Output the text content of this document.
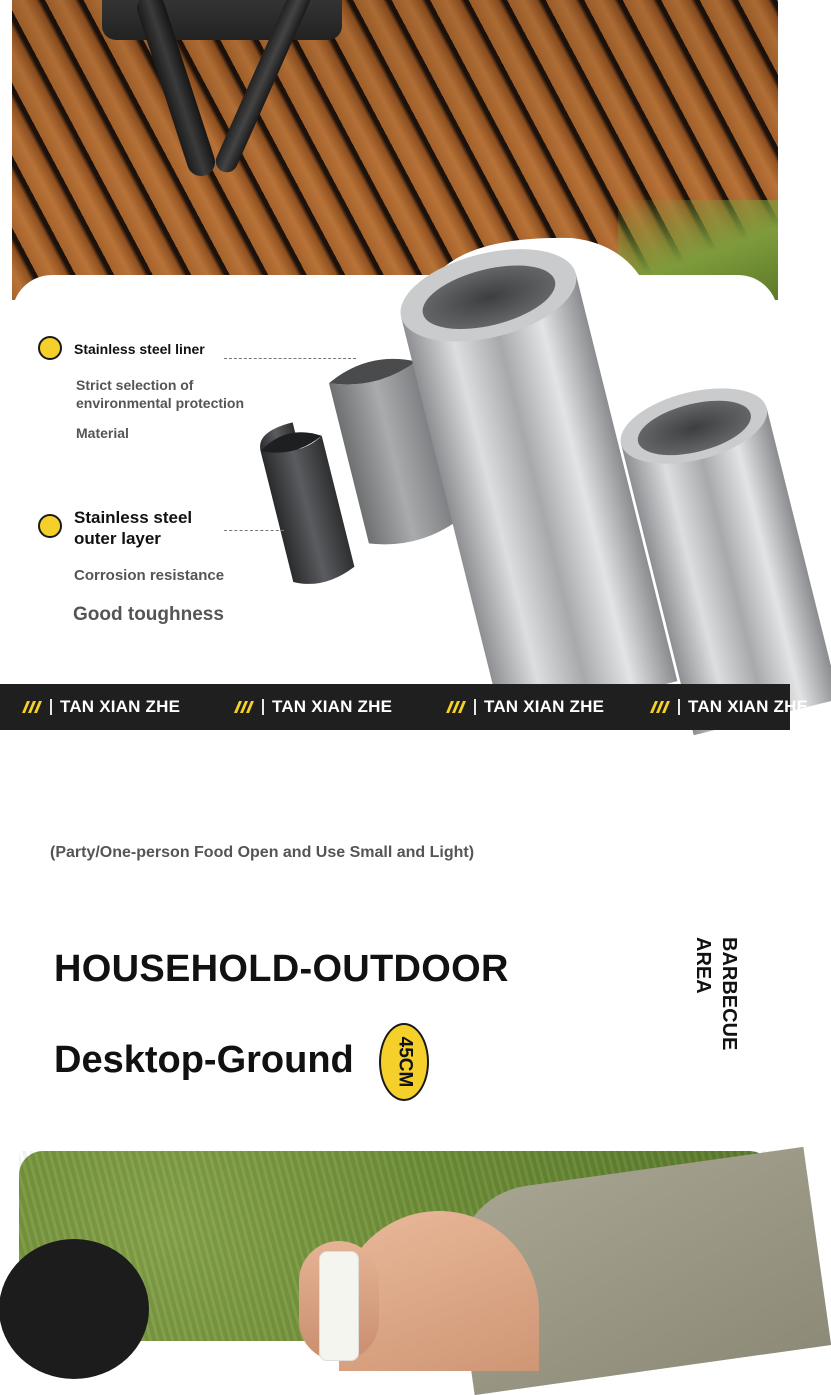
Stainless steel liner
Strict selection of
environmental protection
Material
Stainless steel
outer layer
Corrosion resistance
Good toughness
TAN XIAN ZHE	TAN XIAN ZHE	TAN XIAN ZHE	TAN XIAN ZHE
(Party/One-person Food Open and Use Small and Light)
HOUSEHOLD-OUTDOOR
Desktop-Ground 45CM
BARBECUE
AREA
